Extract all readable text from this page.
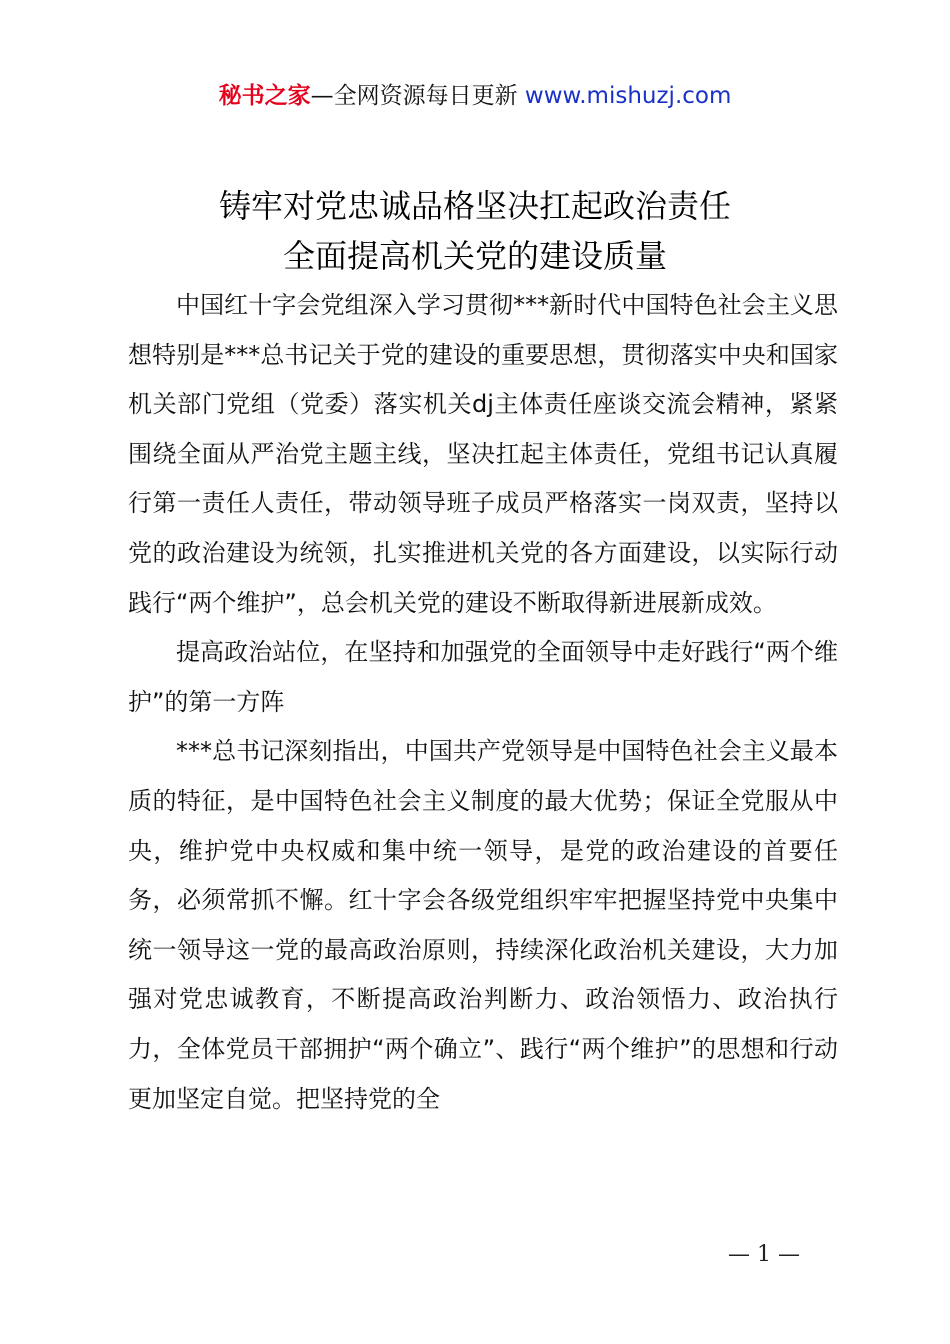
秘书之家—全网资源每日更新 www.mishuzj.com
铸牢对党忠诚品格坚决扛起政治责任
全面提高机关党的建设质量

中国红十字会党组深入学习贯彻***新时代中国特色社会主义思想特别是***总书记关于党的建设的重要思想，贯彻落实中央和国家机关部门党组（党委）落实机关dj主体责任座谈交流会精神，紧紧围绕全面从严治党主题主线，坚决扛起主体责任，党组书记认真履行第一责任人责任，带动领导班子成员严格落实一岗双责，坚持以党的政治建设为统领，扎实推进机关党的各方面建设，以实际行动践行“两个维护”，总会机关党的建设不断取得新进展新成效。

提高政治站位，在坚持和加强党的全面领导中走好践行“两个维护”的第一方阵

***总书记深刻指出，中国共产党领导是中国特色社会主义最本质的特征，是中国特色社会主义制度的最大优势；保证全党服从中央，维护党中央权威和集中统一领导，是党的政治建设的首要任务，必须常抓不懈。红十字会各级党组织牢牢把握坚持党中央集中统一领导这一党的最高政治原则，持续深化政治机关建设，大力加强对党忠诚教育，不断提高政治判断力、政治领悟力、政治执行力，全体党员干部拥护“两个确立”、践行“两个维护”的思想和行动更加坚定自觉。把坚持党的全

— 1 —
